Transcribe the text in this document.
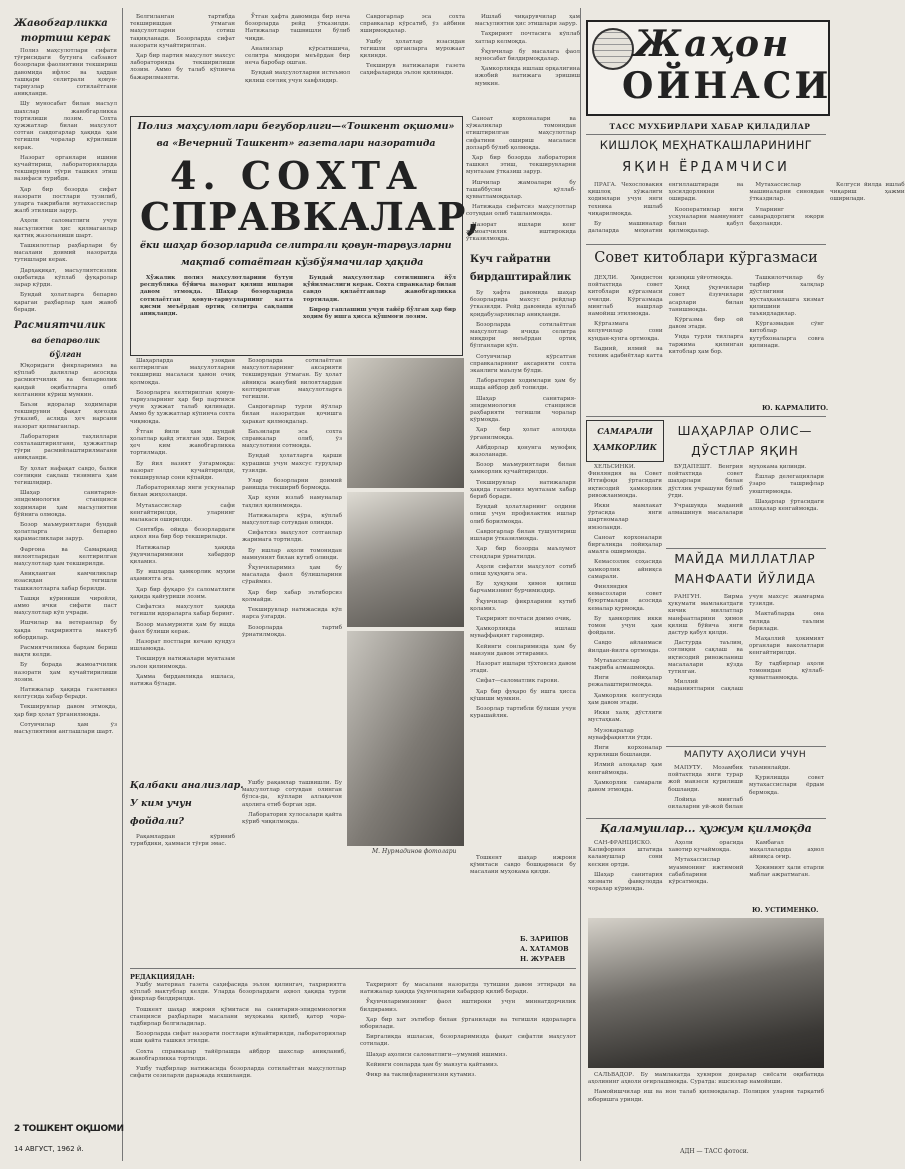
Жавобгарликка
тортиш керак

Полиз маҳсулотлари сифати тўғрисидаги бутунга сабзавот бозорлари фаолиятини текшириш давомида ифлос ва ҳаддан ташқари селитрали қовун-тарвузлар сотилаётгани аниқланди.

Шу муносабат билан масъул шахслар жавобгарликка тортилиши лозим. Сохта ҳужжатлар билан маҳсулот сотган савдогарлар ҳақида ҳам тегишли чоралар кўрилиши керак.

Назорат органлари ишини кучайтириш, лабораторияларда текширувни тўғри ташкил этиш вазифаси турибди.

Ҳар бир бозорда сифат назорати постлари тузилиб, уларга тажрибали мутахассислар жалб этилиши зарур.

Аҳоли саломатлиги учун масъулиятни ҳис қилмаганлар қаттиқ жазоланиши шарт.

Ташкилотлар раҳбарлари бу масалани доимий назоратда тутишлари керак.

Дарҳақиқат, масъулиятсизлик оқибатида кўплаб фуқаролар зарар кўрди.

Бундай ҳолатларга бепарво қараган раҳбарлар ҳам жавоб беради.

Расмиятчилик
ва бепарволик
бўлган

Юқоридаги фикрларимиз ва кўплаб далиллар асосида расмиятчилик ва бепарволик қандай оқибатларга олиб келганини кўриш мумкин.

Баъзи идоралар ходимлари текширувни фақат қоғозда ўтказиб, аслида ҳеч нарсани назорат қилмаганлар.

Лаборатория таҳлиллари сохталаштирилгани, ҳужжатлар тўғри расмийлаштирилмагани аниқланди.

Бу ҳолат нафақат савдо, балки соғлиқни сақлаш тизимига ҳам тегишлидир.

Шаҳар санитария-эпидемиология станцияси ходимлари ҳам масъулиятни бўйнига олмоқда.

Бозор маъмуриятлари бундай ҳолатларга бепарво қарамасликлари зарур.

Фарғона ва Самарқанд вилоятларидан келтирилган маҳсулотлар ҳам текширилди.

Аниқланган камчиликлар юзасидан тегишли ташкилотларга хабар берилди.

Ташқи кўриниши чиройли, аммо ички сифати паст маҳсулотлар кўп учради.

Ишчилар ва ветеранлар бу ҳақда таҳририятга мактуб юбордилар.

Расмиятчиликка барҳам бериш вақти келди.

Бу борада жамоатчилик назорати ҳам кучайтирилиши лозим.

Натижалар ҳақида газетамиз келгусида хабар беради.

Текширувлар давом этмоқда, ҳар бир ҳолат ўрганилмоқда.

Сотувчилар ҳам ўз масъулиятини англашлари шарт.

2 ТОШКЕНТ ОҚШОМИ
14 АВГУСТ, 1962 й.

Белгиланган тартибда текширишдан ўтмаган маҳсулотларни сотиш тақиқланади. Бозорларда сифат назорати кучайтирилган.

Ҳар бир партия маҳсулот махсус лабораторияда текширилиши лозим. Аммо бу талаб кўпинча бажарилмаяпти.

Ўтган ҳафта давомида бир неча бозорларда рейд ўтказилди. Натижалар ташвишли бўлиб чиқди.

Анализлар кўрсатишича, селитра миқдори меъёрдан бир неча баробар ошган.

Бундай маҳсулотларни истеъмол қилиш соғлиқ учун хавфлидир.

Савдогарлар эса сохта справкалар кўрсатиб, ўз айбини яширмоқдалар.

Ушбу ҳолатлар юзасидан тегишли органларга мурожаат қилинди.

Текширув натижалари газета саҳифаларида эълон қилинади.

Ишлаб чиқарувчилар ҳам масъулиятни ҳис этишлари зарур.

Таҳририят почтасига кўплаб хатлар келмоқда.

Ўқувчилар бу масалага фаол муносабат билдирмоқдалар.

Ҳамкорликда ишлаш орқалигина ижобий натижага эришиш мумкин.

Полиз маҳсулотлари бегуборлиги—«Тошкент оқшоми»
ва «Вечерний Ташкент» газеталари назоратида
4. СОХТА
СПРАВКАЛАР,
ёки шаҳар бозорларида селитрали қовун-тарвузларни
мақтаб сотаётган кўзбўямачилар ҳақида

Хўжалик полиз маҳсулотларини бутун республика бўйича назорат қилиш ишлари давом этмоқда. Шаҳар бозорларида сотилаётган қовун-тарвузларнинг катта қисми меъёрдан ортиқ селитра сақлаши аниқланди.

Бундай маҳсулотлар сотилишига йўл қўйилмаслиги керак. Сохта справкалар билан савдо қилаётганлар жавобгарликка тортилади.

Бирор гаплашиш учун тайёр бўлган ҳар бир ходим бу ишга ҳисса қўшмоғи лозим.

Саноат корхоналари ва хўжаликлар томонидан етиштирилган маҳсулотлар сифатини ошириш масаласи долзарб бўлиб қолмоқда.

Ҳар бир бозорда лаборатория ташкил этиш, текширувларни мунтазам ўтказиш зарур.

Ишчилар жамоалари бу ташаббусни қўллаб-қувватламоқдалар.

Натижада сифатсиз маҳсулотлар сотувдан олиб ташланмоқда.

Назорат ишлари кенг жамоатчилик иштирокида ўтказилмоқда.

Куч гайратни
бирдаштирайлик

Шаҳарларда узоқдан келтирилган маҳсулотларни текшириш масаласи ҳамон очиқ қолмоқда.

Бозорларга келтирилган қовун-тарвузларнинг ҳар бир партияси учун ҳужжат талаб қилинади. Аммо бу ҳужжатлар кўпинча сохта чиқмоқда.

Ўтган йили ҳам шундай ҳолатлар қайд этилган эди. Бироқ ҳеч ким жавобгарликка тортилмади.

Бу йил вазият ўзгармоқда: назорат кучайтирилди, текширувлар сони кўпайди.

Лабораториялар янги ускуналар билан жиҳозланди.

Мутахассислар сафи кенгайтирилди, уларнинг малакаси оширилди.

Сентябрь ойида бозорлардаги аҳвол яна бир бор текширилади.

Натижалар ҳақида ўқувчиларимизни хабардор қиламиз.

Бу ишларда ҳамкорлик муҳим аҳамиятга эга.

Ҳар бир фуқаро ўз саломатлиги ҳақида қайғуриши лозим.

Сифатсиз маҳсулот ҳақида тегишли идораларга хабар беринг.

Бозор маъмурияти ҳам бу ишда фаол бўлиши керак.

Назорат постлари кечаю кундуз ишламоқда.

Текширув натижалари мунтазам эълон қилинмоқда.

Ҳамма бирдамликда ишласа, натижа бўлади.

Бозорларда сотилаётган маҳсулотларнинг аксарияти текширувдан ўтмаган. Бу ҳолат айниқса жанубий вилоятлардан келтирилган маҳсулотларга тегишли.

Савдогарлар турли йўллар билан назоратдан қочишга ҳаракат қилмоқдалар.

Баъзилари эса сохта справкалар олиб, ўз маҳсулотини сотмоқда.

Бундай ҳолатларга қарши курашиш учун махсус гуруҳлар тузилди.

Улар бозорларни доимий равишда текшириб бормоқда.

Ҳар куни юзлаб намуналар таҳлил қилинмоқда.

Натижаларга кўра, кўплаб маҳсулотлар сотувдан олинди.

Сифатсиз маҳсулот сотганлар жаримага тортилди.

Бу ишлар аҳоли томонидан мамнуният билан кутиб олинди.

Ўқувчиларимиз ҳам бу масалада фаол бўлишларини сўраймиз.

Ҳар бир хабар эътиборсиз қолмайди.

Текширувлар натижасида кўп нарса ўзгарди.

Бозорларда тартиб ўрнатилмоқда.

Бу ҳафта давомида шаҳар бозорларида махсус рейдлар ўтказилди. Рейд давомида кўплаб қоидабузарликлар аниқланди.

Бозорларда сотилаётган маҳсулотлар ичида селитра миқдори меъёрдан ортиқ бўлганлари кўп.

Сотувчилар кўрсатган справкаларнинг аксарияти сохта эканлиги маълум бўлди.

Лаборатория ходимлари ҳам бу ишда айбдор деб топилди.

Шаҳар санитария-эпидемиология станцияси раҳбарияти тегишли чоралар кўрмоқда.

Ҳар бир ҳолат алоҳида ўрганилмоқда.

Айбдорлар қонунга мувофиқ жазоланади.

Бозор маъмуриятлари билан ҳамкорлик кучайтирилди.

Текширувлар натижалари ҳақида газетамиз мунтазам хабар бериб боради.

Бундай ҳолатларнинг олдини олиш учун профилактик ишлар олиб борилмоқда.

Савдогарлар билан тушунтириш ишлари ўтказилмоқда.

Ҳар бир бозорда маълумот стендлари ўрнатилди.

Аҳоли сифатли маҳсулот сотиб олиш ҳуқуқига эга.

Бу ҳуқуқни ҳимоя қилиш барчамизнинг бурчимиздир.

Ўқувчилар фикрларини кутиб қоламиз.

Таҳририят почтаси доимо очиқ.

Ҳамкорликда ишлаш муваффақият гаровидир.

Кейинги сонларимизда ҳам бу мавзуни давом эттирамиз.

Назорат ишлари тўхтовсиз давом этади.

Сифат—саломатлик гарови.

Ҳар бир фуқаро бу ишга ҳисса қўшиши мумкин.

Бозорлар тартибли бўлиши учун курашайлик.

Қалбаки анализлар.
У ким учун
фойдали?

Рақамлардан кўриниб турибдики, ҳаммаси тўғри эмас.

Ушбу рақамлар ташвишли. Бу маҳсулотлар сотувдан олинган бўлса-да, кўплари аллақачон аҳолига етиб борган эди.

Лаборатория хулосалари қайта кўриб чиқилмоқда.

М. Нурмадинов фотолари

Тошкент шаҳар ижроия қўмитаси савдо бошқармаси бу масалани муҳокама қилди.

Б. ЗАРИПОВ
А. ХАТАМОВ
Н. ЖУРАЕВ
РЕДАКЦИЯДАН:

Ушбу материал газета саҳифасида эълон қилингач, таҳририятга кўплаб мактублар келди. Уларда бозорлардаги аҳвол ҳақида турли фикрлар билдирилди.

Тошкент шаҳар ижроия қўмитаси ва санитария-эпидемиология станцияси раҳбарлари масалани муҳокама қилиб, қатор чора-тадбирлар белгиладилар.

Бозорларда сифат назорати постлари кўпайтирилди, лабораториялар иши қайта ташкил этилди.

Сохта справкалар тайёрлашда айбдор шахслар аниқланиб, жавобгарликка тортилди.

Ушбу тадбирлар натижасида бозорларда сотилаётган маҳсулотлар сифати сезиларли даражада яхшиланди.

Таҳририят бу масалани назоратда тутишни давом эттиради ва натижалар ҳақида ўқувчиларни хабардор қилиб боради.

Ўқувчиларимизнинг фаол иштироки учун миннатдорчилик билдирамиз.

Ҳар бир хат эътибор билан ўрганилади ва тегишли идораларга юборилади.

Биргаликда ишласак, бозорларимизда фақат сифатли маҳсулот сотилади.

Шаҳар аҳолиси саломатлиги—умумий ишимиз.

Кейинги сонларда ҳам бу мавзуга қайтамиз.

Фикр ва таклифларингизни кутамиз.

Жаҳон
ОЙНАСИ
ТАСС МУХБИРЛАРИ ХАБАР ҚИЛАДИЛАР
КИШЛОҚ МЕҲНАТКАШЛАРИНИНГ
ЯҚИН ЁРДАМЧИСИ

ПРАГА. Чехословакия қишлоқ хўжалиги ходимлари учун янги техника ишлаб чиқарилмоқда.

Бу машиналар далаларда меҳнатни енгиллаштиради ва ҳосилдорликни оширади.

Кооперативлар янги ускуналарни мамнуният билан қабул қилмоқдалар.

Мутахассислар машиналарни синовдан ўтказдилар.

Уларнинг самарадорлиги юқори баҳоланди.

Келгуси йилда ишлаб чиқариш ҳажми оширилади.

Совет китоблари кўргазмаси

ДЕҲЛИ. Ҳиндистон пойтахтида совет китоблари кўргазмаси очилди. Кўргазмада минглаб нашрлар намойиш этилмоқда.

Кўргазмага келувчилар сони кундан-кунга ортмоқда.

Бадиий, илмий ва техник адабиётлар катта қизиқиш уйғотмоқда.

Ҳинд ўқувчилари совет ёзувчилари асарлари билан танишмоқда.

Кўргазма бир ой давом этади.

Унда турли тилларга таржима қилинган китоблар ҳам бор.

Ташкилотчилар бу тадбир халқлар дўстлигини мустаҳкамлашга хизмат қилишини таъкидладилар.

Кўргазмадан сўнг китоблар кутубхоналарга совға қилинади.

Ю. КАРМАЛИТО.
САМАРАЛИ
ҲАМКОРЛИК

ХЕЛЬСИНКИ. Финляндия ва Совет Иттифоқи ўртасидаги иқтисодий ҳамкорлик ривожланмоқда.

Икки мамлакат ўртасида янги шартномалар имзоланди.

Саноат корхоналари биргаликда лойиҳалар амалга оширмоқда.

Кемасозлик соҳасида ҳамкорлик айниқса самарали.

Финляндия кемасозлари совет буюртмалари асосида кемалар қурмоқда.

Бу ҳамкорлик икки томон учун ҳам фойдали.

Савдо айланмаси йилдан-йилга ортмоқда.

Мутахассислар тажриба алмашмоқда.

Янги лойиҳалар режалаштирилмоқда.

Ҳамкорлик келгусида ҳам давом этади.

Икки халқ дўстлиги мустаҳкам.

Музокаралар муваффақиятли ўтди.

Янги корхоналар қурилиши бошланди.

Илмий алоқалар ҳам кенгаймоқда.

Ҳамкорлик самарали давом этмоқда.

ШАҲАРЛАР ОЛИС—
ДЎСТЛАР ЯҚИН

БУДАПЕШТ. Венгрия пойтахтида совет шаҳарлари билан дўстлик учрашуви бўлиб ўтди.

Учрашувда маданий алмашинув масалалари муҳокама қилинди.

Ёшлар делегациялари ўзаро ташрифлар уюштирмоқда.

Шаҳарлар ўртасидаги алоқалар кенгаймоқда.

МАЙДА МИЛЛАТЛАР
МАНФААТИ ЙЎЛИДА

РАНГУН. Бирма ҳукумати мамлакатдаги кичик миллатлар манфаатларини ҳимоя қилиш бўйича янги дастур қабул қилди.

Дастурда таълим, соғлиқни сақлаш ва иқтисодий ривожланиш масалалари кўзда тутилган.

Миллий маданиятларни сақлаш учун махсус жамғарма тузилди.

Мактабларда она тилида таълим берилади.

Маҳаллий ҳокимият органлари ваколатлари кенгайтирилди.

Бу тадбирлар аҳоли томонидан қўллаб-қувватланмоқда.

МАПУТУ АҲОЛИСИ УЧУН

МАПУТУ. Мозамбик пойтахтида янги турар жой мавзеси қурилиши бошланди.

Лойиҳа минглаб оилаларни уй-жой билан таъминлайди.

Қурилишда совет мутахассислари ёрдам бермоқда.

Қаламушлар... ҳужум қилмоқда

САН-ФРАНЦИСКО. Калифорния штатида каламушлар сони кескин ортди.

Шаҳар санитария хизмати фавқулодда чоралар кўрмоқда.

Аҳоли орасида хавотир кучаймоқда.

Мутахассислар муаммонинг ижтимоий сабабларини кўрсатмоқда.

Камбағал маҳаллаларда аҳвол айниқса оғир.

Ҳокимият ҳали етарли маблағ ажратмаган.

Ю. УСТИМЕНКО.

САЛЬВАДОР. Бу мамлакатда ҳукмрон доиралар сиёсати оқибатида аҳолининг аҳволи оғирлашмоқда. Суратда: ишсизлар намойиши.

Намойишчилар иш ва нон талаб қилмоқдалар. Полиция уларни тарқатиб юборишга уринди.

АДН — ТАСС фотоси.
